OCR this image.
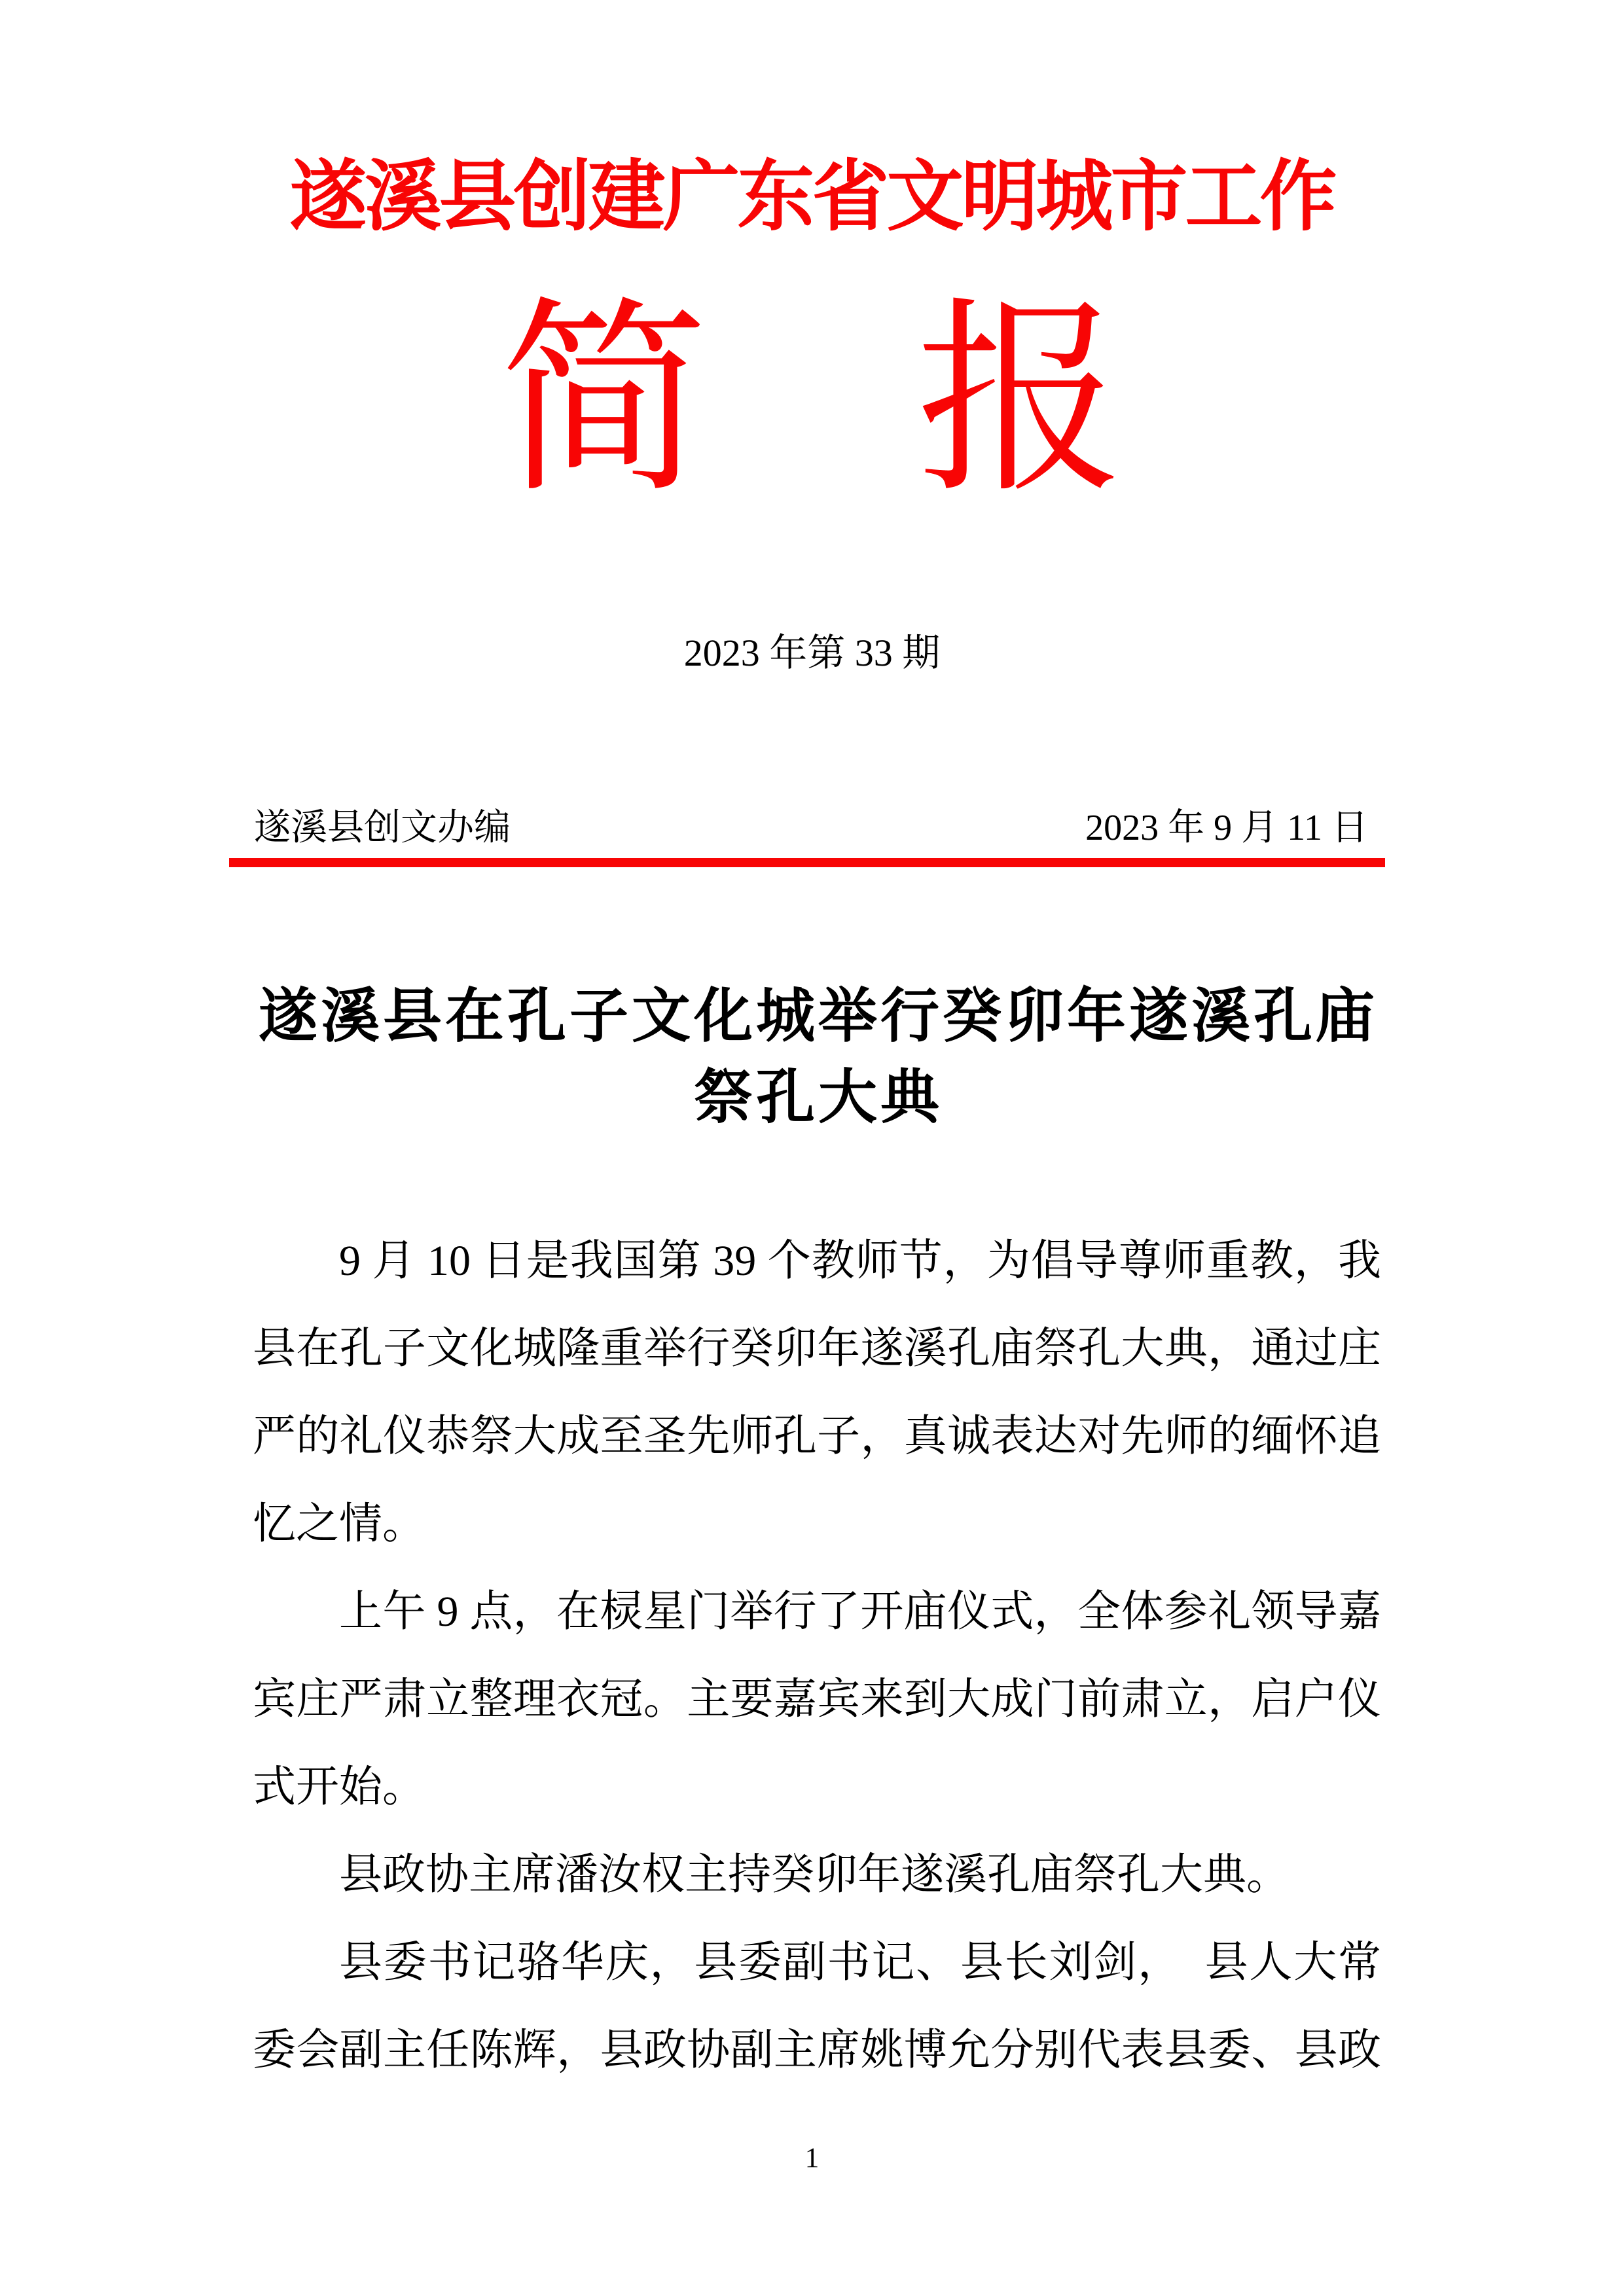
遂溪县创建广东省文明城市工作
简　报
2023 年第 33 期
遂溪县创文办编	2023 年 9 月 11 日
遂溪县在孔子文化城举行癸卯年遂溪孔庙
祭孔大典
9 月 10 日是我国第 39 个教师节，为倡导尊师重教，我
县在孔子文化城隆重举行癸卯年遂溪孔庙祭孔大典，通过庄
严的礼仪恭祭大成至圣先师孔子，真诚表达对先师的缅怀追
忆之情。
上午 9 点，在棂星门举行了开庙仪式，全体参礼领导嘉
宾庄严肃立整理衣冠。主要嘉宾来到大成门前肃立，启户仪
式开始。
县政协主席潘汝权主持癸卯年遂溪孔庙祭孔大典。
县委书记骆华庆，县委副书记、县长刘剑，　县人大常
委会副主任陈辉，县政协副主席姚博允分别代表县委、县政
1
